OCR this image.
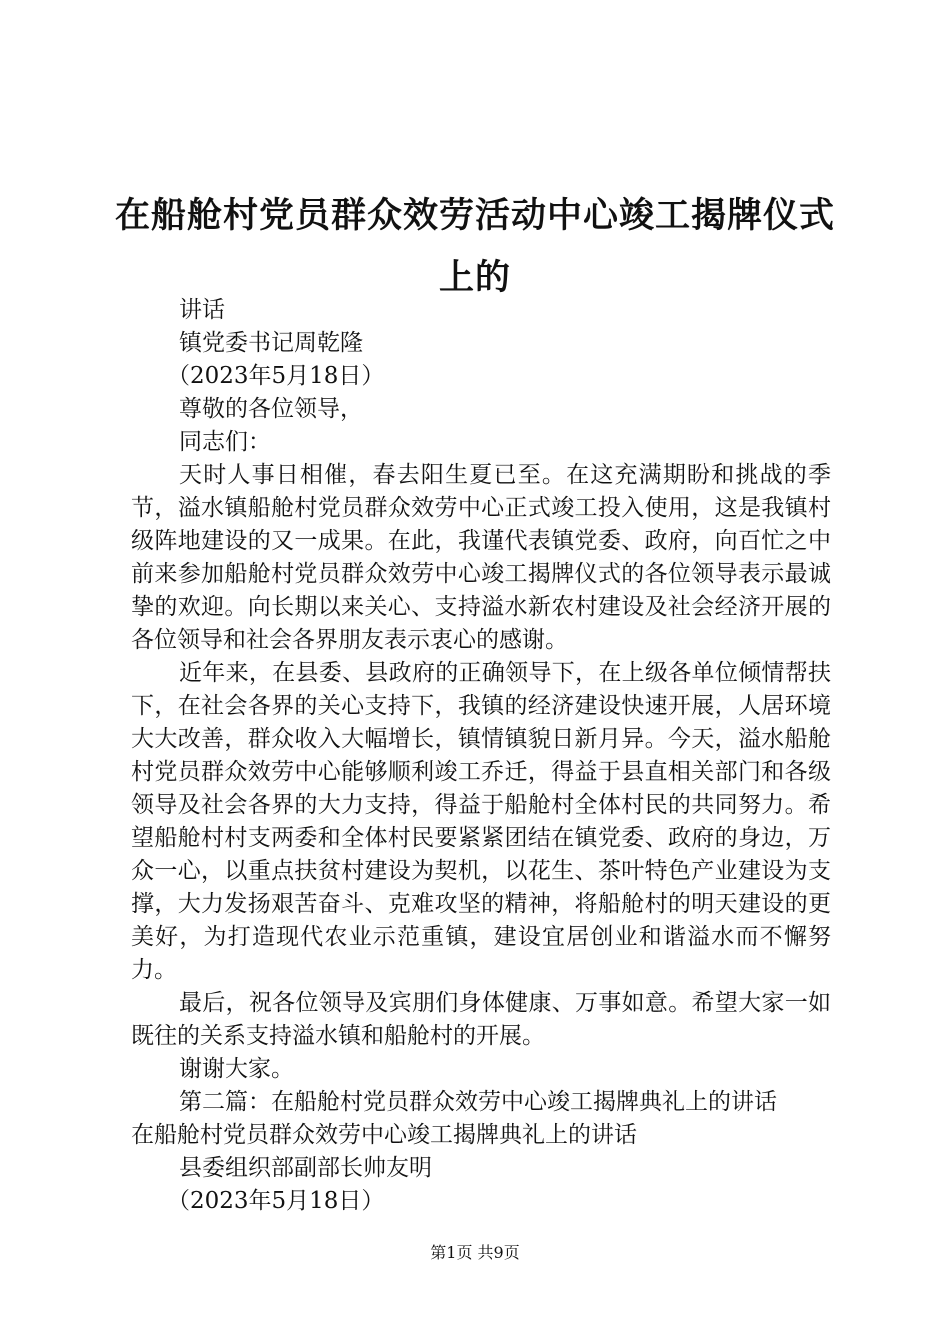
在船舱村党员群众效劳活动中心竣工揭牌仪式
上的

讲话

镇党委书记周乾隆

（2023年5月18日）

尊敬的各位领导，

同志们：

天时人事日相催，春去阳生夏已至。在这充满期盼和挑战的季节，溢水镇船舱村党员群众效劳中心正式竣工投入使用，这是我镇村级阵地建设的又一成果。在此，我谨代表镇党委、政府，向百忙之中前来参加船舱村党员群众效劳中心竣工揭牌仪式的各位领导表示最诚挚的欢迎。向长期以来关心、支持溢水新农村建设及社会经济开展的各位领导和社会各界朋友表示衷心的感谢。

近年来，在县委、县政府的正确领导下，在上级各单位倾情帮扶下，在社会各界的关心支持下，我镇的经济建设快速开展，人居环境大大改善，群众收入大幅增长，镇情镇貌日新月异。今天，溢水船舱村党员群众效劳中心能够顺利竣工乔迁，得益于县直相关部门和各级领导及社会各界的大力支持，得益于船舱村全体村民的共同努力。希望船舱村村支两委和全体村民要紧紧团结在镇党委、政府的身边，万众一心，以重点扶贫村建设为契机，以花生、茶叶特色产业建设为支撑，大力发扬艰苦奋斗、克难攻坚的精神，将船舱村的明天建设的更美好，为打造现代农业示范重镇，建设宜居创业和谐溢水而不懈努力。

最后，祝各位领导及宾朋们身体健康、万事如意。希望大家一如既往的关系支持溢水镇和船舱村的开展。

谢谢大家。

第二篇：在船舱村党员群众效劳中心竣工揭牌典礼上的讲话

在船舱村党员群众效劳中心竣工揭牌典礼上的讲话

县委组织部副部长帅友明

（2023年5月18日）

第1页 共9页
